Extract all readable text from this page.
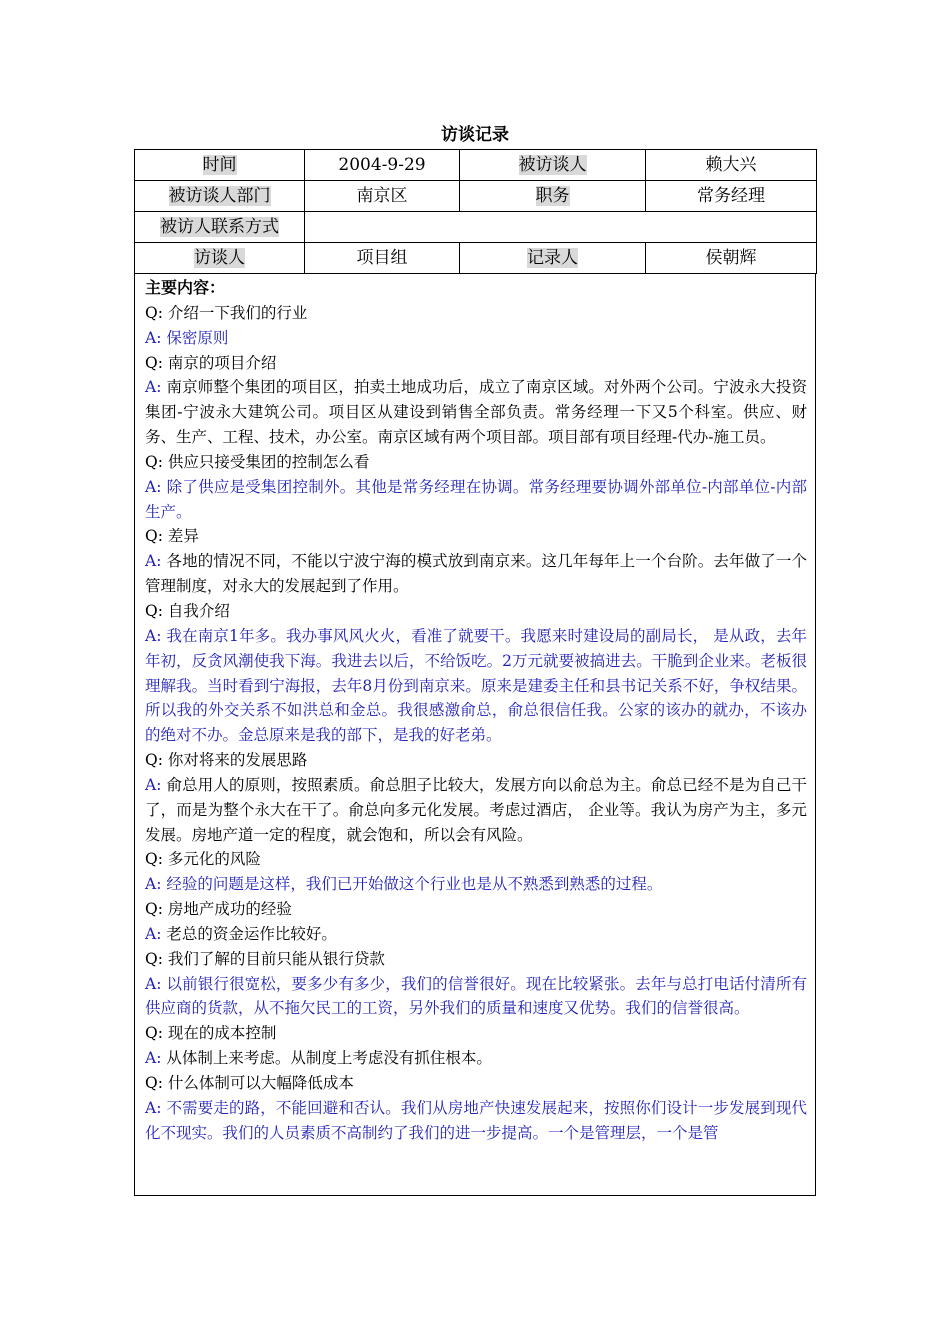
访谈记录
时间	2004-9-29	被访谈人	赖大兴
被访谈人部门	南京区	职务	常务经理
被访人联系方式			
访谈人	项目组	记录人	侯朝辉
主要内容：
Q: 介绍一下我们的行业
A: 保密原则
Q: 南京的项目介绍
A: 南京师整个集团的项目区，拍卖土地成功后，成立了南京区域。对外两个公司。宁波永大投资集团-宁波永大建筑公司。项目区从建设到销售全部负责。常务经理一下又5个科室。供应、财务、生产、工程、技术，办公室。南京区域有两个项目部。项目部有项目经理-代办-施工员。
Q: 供应只接受集团的控制怎么看
A: 除了供应是受集团控制外。其他是常务经理在协调。常务经理要协调外部单位-内部单位-内部生产。
Q: 差异
A: 各地的情况不同，不能以宁波宁海的模式放到南京来。这几年每年上一个台阶。去年做了一个管理制度，对永大的发展起到了作用。
Q: 自我介绍
A: 我在南京1年多。我办事风风火火，看准了就要干。我愿来时建设局的副局长， 是从政，去年年初，反贪风潮使我下海。我进去以后，不给饭吃。2万元就要被搞进去。干脆到企业来。老板很理解我。当时看到宁海报，去年8月份到南京来。原来是建委主任和县书记关系不好，争权结果。所以我的外交关系不如洪总和金总。我很感激俞总，俞总很信任我。公家的该办的就办，不该办的绝对不办。金总原来是我的部下，是我的好老弟。
Q: 你对将来的发展思路
A: 俞总用人的原则，按照素质。俞总胆子比较大，发展方向以俞总为主。俞总已经不是为自己干了，而是为整个永大在干了。俞总向多元化发展。考虑过酒店， 企业等。我认为房产为主，多元发展。房地产道一定的程度，就会饱和，所以会有风险。
Q: 多元化的风险
A: 经验的问题是这样，我们已开始做这个行业也是从不熟悉到熟悉的过程。
Q: 房地产成功的经验
A: 老总的资金运作比较好。
Q: 我们了解的目前只能从银行贷款
A: 以前银行很宽松，要多少有多少，我们的信誉很好。现在比较紧张。去年与总打电话付清所有供应商的货款，从不拖欠民工的工资，另外我们的质量和速度又优势。我们的信誉很高。
Q: 现在的成本控制
A: 从体制上来考虑。从制度上考虑没有抓住根本。
Q: 什么体制可以大幅降低成本
A: 不需要走的路，不能回避和否认。我们从房地产快速发展起来，按照你们设计一步发展到现代化不现实。我们的人员素质不高制约了我们的进一步提高。一个是管理层，一个是管
